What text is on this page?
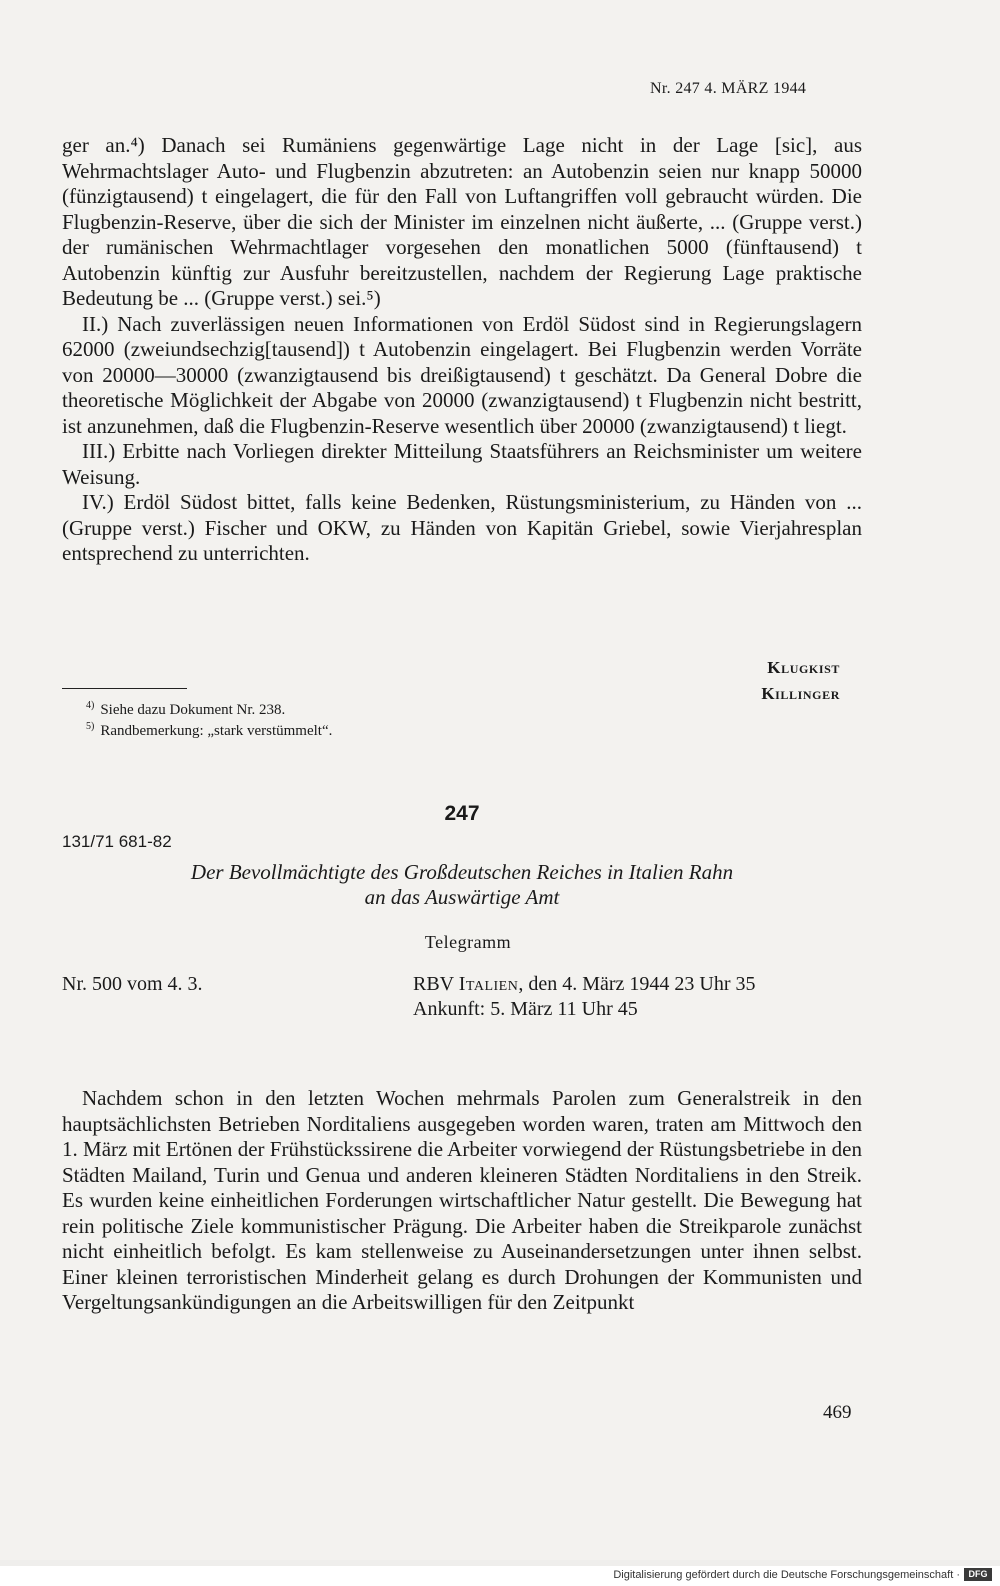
Nr. 247 4. MÄRZ 1944

ger an.⁴) Danach sei Rumäniens gegenwärtige Lage nicht in der Lage [sic], aus Wehrmachtslager Auto- und Flugbenzin abzutreten: an Autobenzin seien nur knapp 50000 (fünzigtausend) t eingelagert, die für den Fall von Luftangriffen voll gebraucht würden. Die Flugbenzin-Reserve, über die sich der Minister im einzelnen nicht äußerte, ... (Gruppe verst.) der rumänischen Wehrmachtlager vorgesehen den monatlichen 5000 (fünftausend) t Autobenzin künftig zur Ausfuhr bereitzustellen, nachdem der Regierung Lage praktische Bedeutung be ... (Gruppe verst.) sei.⁵)

II.) Nach zuverlässigen neuen Informationen von Erdöl Südost sind in Regierungslagern 62000 (zweiundsechzig[tausend]) t Autobenzin eingelagert. Bei Flugbenzin werden Vorräte von 20000—30000 (zwanzigtausend bis dreißigtausend) t geschätzt. Da General Dobre die theoretische Möglichkeit der Abgabe von 20000 (zwanzigtausend) t Flugbenzin nicht bestritt, ist anzunehmen, daß die Flugbenzin-Reserve wesentlich über 20000 (zwanzigtausend) t liegt.

III.) Erbitte nach Vorliegen direkter Mitteilung Staatsführers an Reichsminister um weitere Weisung.

IV.) Erdöl Südost bittet, falls keine Bedenken, Rüstungsministerium, zu Händen von ... (Gruppe verst.) Fischer und OKW, zu Händen von Kapitän Griebel, sowie Vierjahresplan entsprechend zu unterrichten.

Klugkist
Killinger
$^{4)}$ Siehe dazu Dokument Nr. 238.
$^{5)}$ Randbemerkung: „stark verstümmelt“.
247
131/71 681-82
Der Bevollmächtigte des Großdeutschen Reiches in Italien Rahn
an das Auswärtige Amt
Telegramm
Nr. 500 vom 4. 3.	RBV Italien, den 4. März 1944 23 Uhr 35
Ankunft: 5. März 11 Uhr 45

Nachdem schon in den letzten Wochen mehrmals Parolen zum Generalstreik in den hauptsächlichsten Betrieben Norditaliens ausgegeben worden waren, traten am Mittwoch den 1. März mit Ertönen der Frühstückssirene die Arbeiter vorwiegend der Rüstungsbetriebe in den Städten Mailand, Turin und Genua und anderen kleineren Städten Norditaliens in den Streik. Es wurden keine einheitlichen Forderungen wirtschaftlicher Natur gestellt. Die Bewegung hat rein politische Ziele kommunistischer Prägung. Die Arbeiter haben die Streikparole zunächst nicht einheitlich befolgt. Es kam stellenweise zu Auseinandersetzungen unter ihnen selbst. Einer kleinen terroristischen Minderheit gelang es durch Drohungen der Kommunisten und Vergeltungsankündigungen an die Arbeitswilligen für den Zeitpunkt

469
Digitalisierung gefördert durch die Deutsche Forschungsgemeinschaft · DFG
